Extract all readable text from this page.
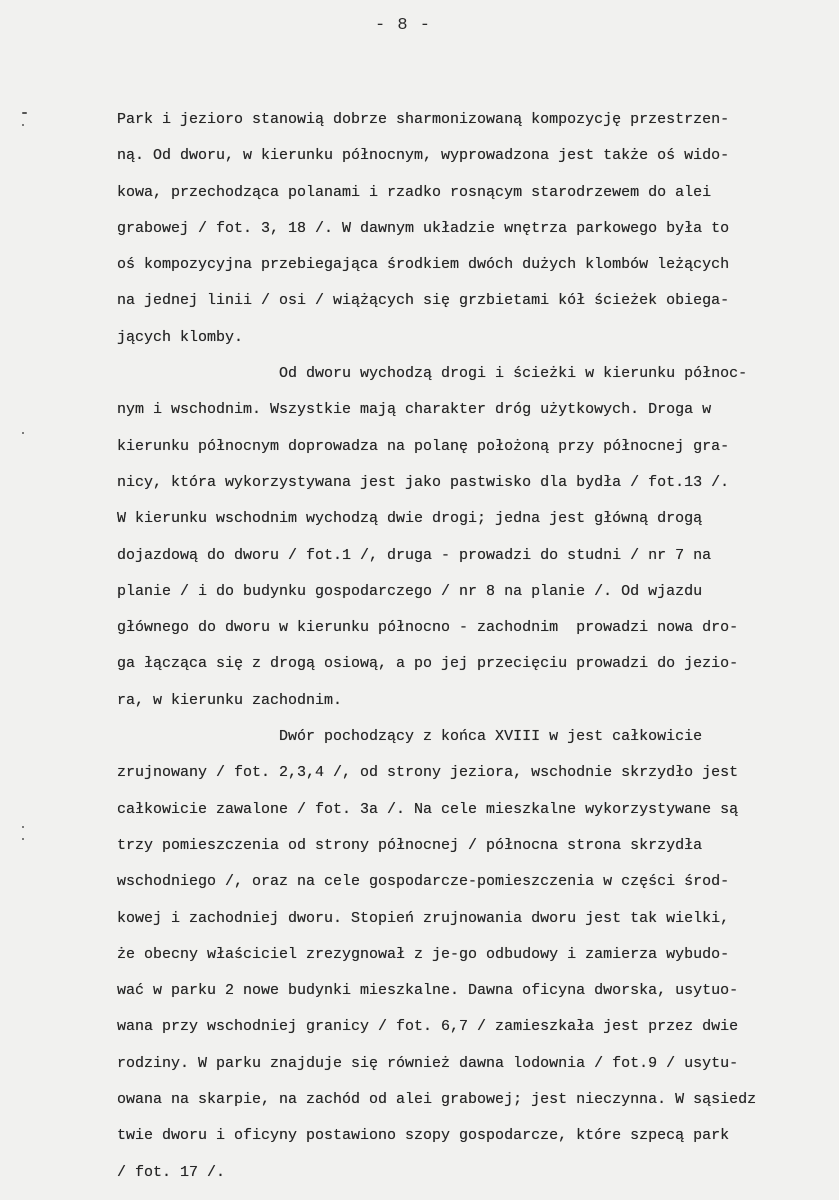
- 8 -
Park i jezioro stanowią dobrze sharmonizowaną kompozycję przestrzen-
ną. Od dworu, w kierunku północnym, wyprowadzona jest także oś wido-
kowa, przechodząca polanami i rzadko rosnącym starodrzewem do alei
grabowej / fot. 3, 18 /. W dawnym układzie wnętrza parkowego była to
oś kompozycyjna przebiegająca środkiem dwóch dużych klombów leżących
na jednej linii / osi / wiążących się grzbietami kół ścieżek obiega-
jących klomby.
Od dworu wychodzą drogi i ścieżki w kierunku północ-
nym i wschodnim. Wszystkie mają charakter dróg użytkowych. Droga w
kierunku północnym doprowadza na polanę położoną przy północnej gra-
nicy, która wykorzystywana jest jako pastwisko dla bydła / fot.13 /.
W kierunku wschodnim wychodzą dwie drogi; jedna jest główną drogą
dojazdową do dworu / fot.1 /, druga - prowadzi do studni / nr 7 na
planie / i do budynku gospodarczego / nr 8 na planie /. Od wjazdu
głównego do dworu w kierunku północno - zachodnim  prowadzi nowa dro-
ga łącząca się z drogą osiową, a po jej przecięciu prowadzi do jezio-
ra, w kierunku zachodnim.
Dwór pochodzący z końca XVIII w jest całkowicie
zrujnowany / fot. 2,3,4 /, od strony jeziora, wschodnie skrzydło jest
całkowicie zawalone / fot. 3a /. Na cele mieszkalne wykorzystywane są
trzy pomieszczenia od strony północnej / północna strona skrzydła
wschodniego /, oraz na cele gospodarcze-pomieszczenia w części środ-
kowej i zachodniej dworu. Stopień zrujnowania dworu jest tak wielki,
że obecny właściciel zrezygnował z je-go odbudowy i zamierza wybudo-
wać w parku 2 nowe budynki mieszkalne. Dawna oficyna dworska, usytuo-
wana przy wschodniej granicy / fot. 6,7 / zamieszkała jest przez dwie
rodziny. W parku znajduje się również dawna lodownia / fot.9 / usytu-
owana na skarpie, na zachód od alei grabowej; jest nieczynna. W sąsiedz
twie dworu i oficyny postawiono szopy gospodarcze, które szpecą park
/ fot. 17 /.
